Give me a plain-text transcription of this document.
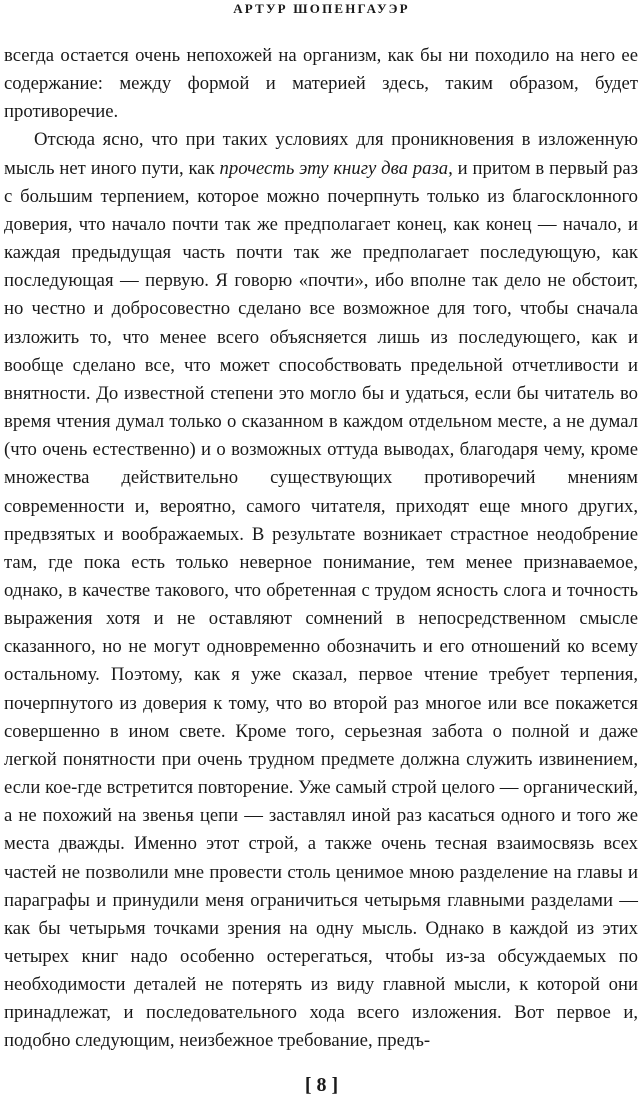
АРТУР ШОПЕНГАУЭР

всегда остается очень непохожей на организм, как бы ни походило на него ее содержание: между формой и материей здесь, таким образом, будет противоречие.

Отсюда ясно, что при таких условиях для проникновения в изложенную мысль нет иного пути, как прочесть эту книгу два раза, и притом в первый раз с большим терпением, которое можно почерпнуть только из благосклонного доверия, что начало почти так же предполагает конец, как конец — начало, и каждая предыдущая часть почти так же предполагает последующую, как последующая — первую. Я говорю «почти», ибо вполне так дело не обстоит, но честно и добросовестно сделано все возможное для того, чтобы сначала изложить то, что менее всего объясняется лишь из последующего, как и вообще сделано все, что может способствовать предельной отчетливости и внятности. До известной степени это могло бы и удаться, если бы читатель во время чтения думал только о сказанном в каждом отдельном месте, а не думал (что очень естественно) и о возможных оттуда выводах, благодаря чему, кроме множества действительно существующих противоречий мнениям современности и, вероятно, самого читателя, приходят еще много других, предвзятых и воображаемых. В результате возникает страстное неодобрение там, где пока есть только неверное понимание, тем менее признаваемое, однако, в качестве такового, что обретенная с трудом ясность слога и точность выражения хотя и не оставляют сомнений в непосредственном смысле сказанного, но не могут одновременно обозначить и его отношений ко всему остальному. Поэтому, как я уже сказал, первое чтение требует терпения, почерпнутого из доверия к тому, что во второй раз многое или все покажется совершенно в ином свете. Кроме того, серьезная забота о полной и даже легкой понятности при очень трудном предмете должна служить извинением, если кое-где встретится повторение. Уже самый строй целого — органический, а не похожий на звенья цепи — заставлял иной раз касаться одного и того же места дважды. Именно этот строй, а также очень тесная взаимосвязь всех частей не позволили мне провести столь ценимое мною разделение на главы и параграфы и принудили меня ограничиться четырьмя главными разделами — как бы четырьмя точками зрения на одну мысль. Однако в каждой из этих четырех книг надо особенно остерегаться, чтобы из-за обсуждаемых по необходимости деталей не потерять из виду главной мысли, к которой они принадлежат, и последовательного хода всего изложения. Вот первое и, подобно следующим, неизбежное требование, предъ-

[ 8 ]
